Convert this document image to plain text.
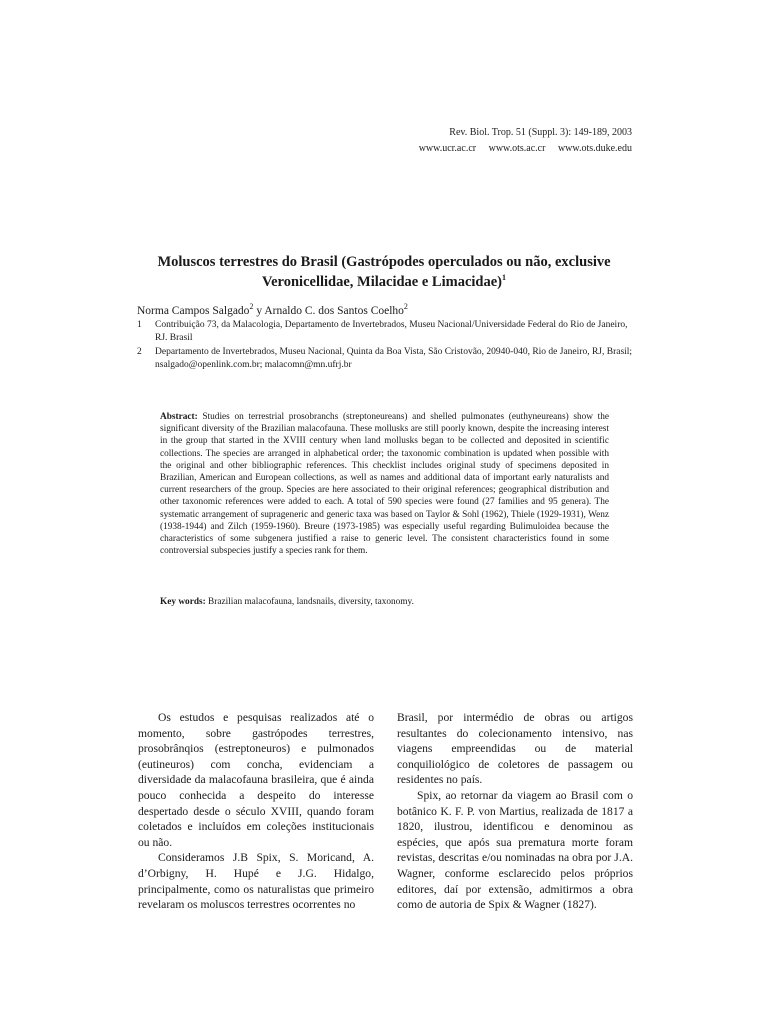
Rev. Biol. Trop. 51 (Suppl. 3): 149-189, 2003
www.ucr.ac.cr www.ots.ac.cr www.ots.duke.edu
Moluscos terrestres do Brasil (Gastrópodes operculados ou não, exclusive
Veronicellidae, Milacidae e Limacidae)$^1$
Norma Campos Salgado$^2$ y Arnaldo C. dos Santos Coelho$^2$
1	Contribuição 73, da Malacologia, Departamento de Invertebrados, Museu Nacional/Universidade Federal do Rio de Janeiro, RJ. Brasil
2	Departamento de Invertebrados, Museu Nacional, Quinta da Boa Vista, São Cristovão, 20940-040, Rio de Janeiro, RJ, Brasil; nsalgado@openlink.com.br; malacomn@mn.ufrj.br
Abstract: Studies on terrestrial prosobranchs (streptoneureans) and shelled pulmonates (euthyneureans) show the significant diversity of the Brazilian malacofauna. These mollusks are still poorly known, despite the increasing interest in the group that started in the XVIII century when land mollusks began to be collected and deposited in scientific collections. The species are arranged in alphabetical order; the taxonomic combination is updated when possible with the original and other bibliographic references. This checklist includes original study of specimens deposited in Brazilian, American and European collections, as well as names and additional data of important early naturalists and current researchers of the group. Species are here associated to their original references; geographical distribution and other taxonomic references were added to each. A total of 590 species were found (27 families and 95 genera). The systematic arrangement of suprageneric and generic taxa was based on Taylor & Sohl (1962), Thiele (1929-1931), Wenz (1938-1944) and Zilch (1959-1960). Breure (1973-1985) was especially useful regarding Bulimuloidea because the characteristics of some subgenera justified a raise to generic level. The consistent characteristics found in some controversial subspecies justify a species rank for them.
Key words: Brazilian malacofauna, landsnails, diversity, taxonomy.

Os estudos e pesquisas realizados até o momento, sobre gastrópodes terrestres, prosobrânqios (estreptoneuros) e pulmonados (eutineuros) com concha, evidenciam a diversidade da malacofauna brasileira, que é ainda pouco conhecida a despeito do interesse despertado desde o século XVIII, quando foram coletados e incluídos em coleções institucionais ou não.

Consideramos J.B Spix, S. Moricand, A. d’Orbigny, H. Hupé e J.G. Hidalgo, principalmente, como os naturalistas que primeiro revelaram os moluscos terrestres ocorrentes no

Brasil, por intermédio de obras ou artigos resultantes do colecionamento intensivo, nas viagens empreendidas ou de material conquiliológico de coletores de passagem ou residentes no país.

Spix, ao retornar da viagem ao Brasil com o botânico K. F. P. von Martius, realizada de 1817 a 1820, ilustrou, identificou e denominou as espécies, que após sua prematura morte foram revistas, descritas e/ou nominadas na obra por J.A. Wagner, conforme esclarecido pelos próprios editores, daí por extensão, admitirmos a obra como de autoria de Spix & Wagner (1827).
